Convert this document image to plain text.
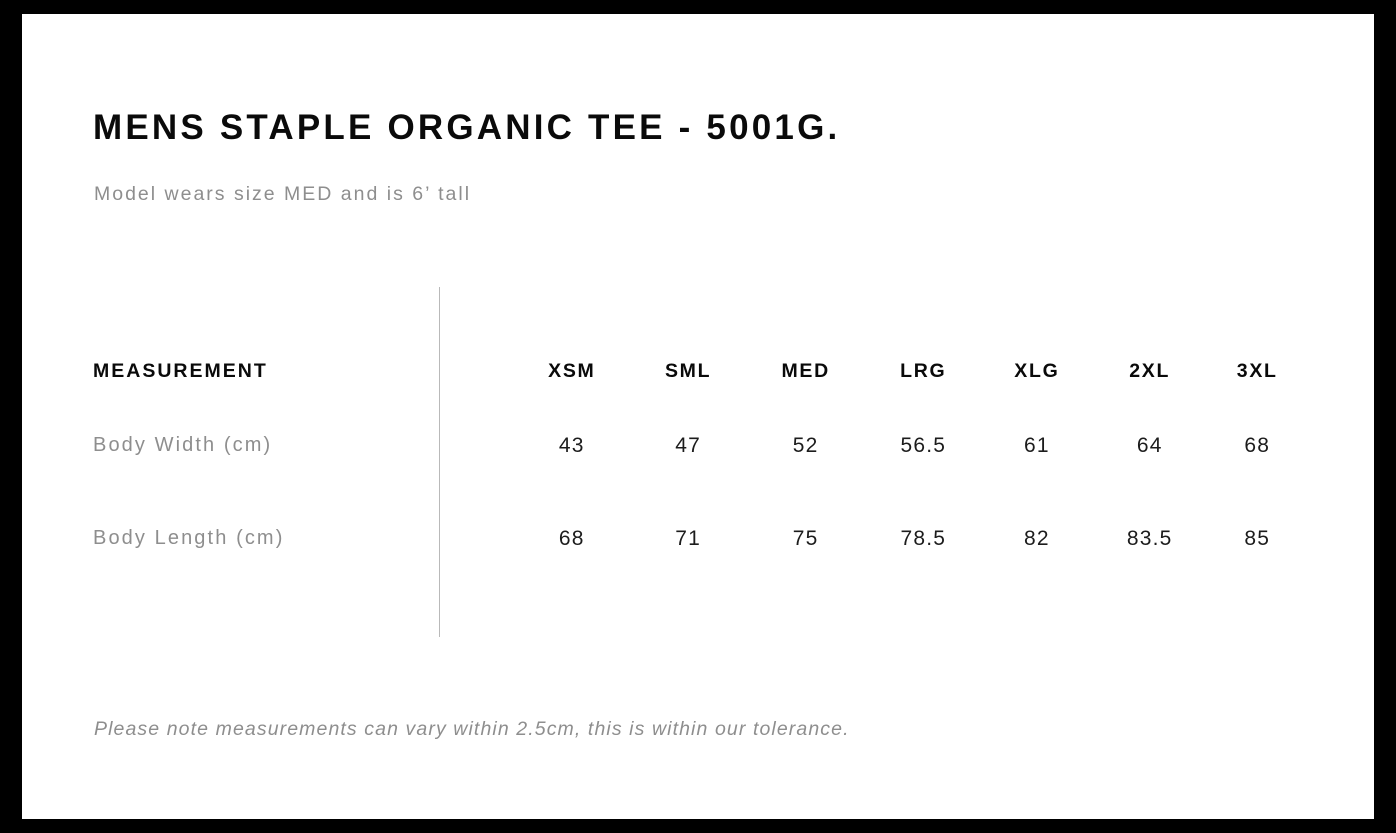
MENS STAPLE ORGANIC TEE - 5001G.
Model wears size MED and is 6’ tall
MEASUREMENT	XSM	SML	MED	LRG	XLG	2XL	3XL
Body Width (cm)	43	47	52	56.5	61	64	68
Body Length (cm)	68	71	75	78.5	82	83.5	85
Please note measurements can vary within 2.5cm, this is within our tolerance.
